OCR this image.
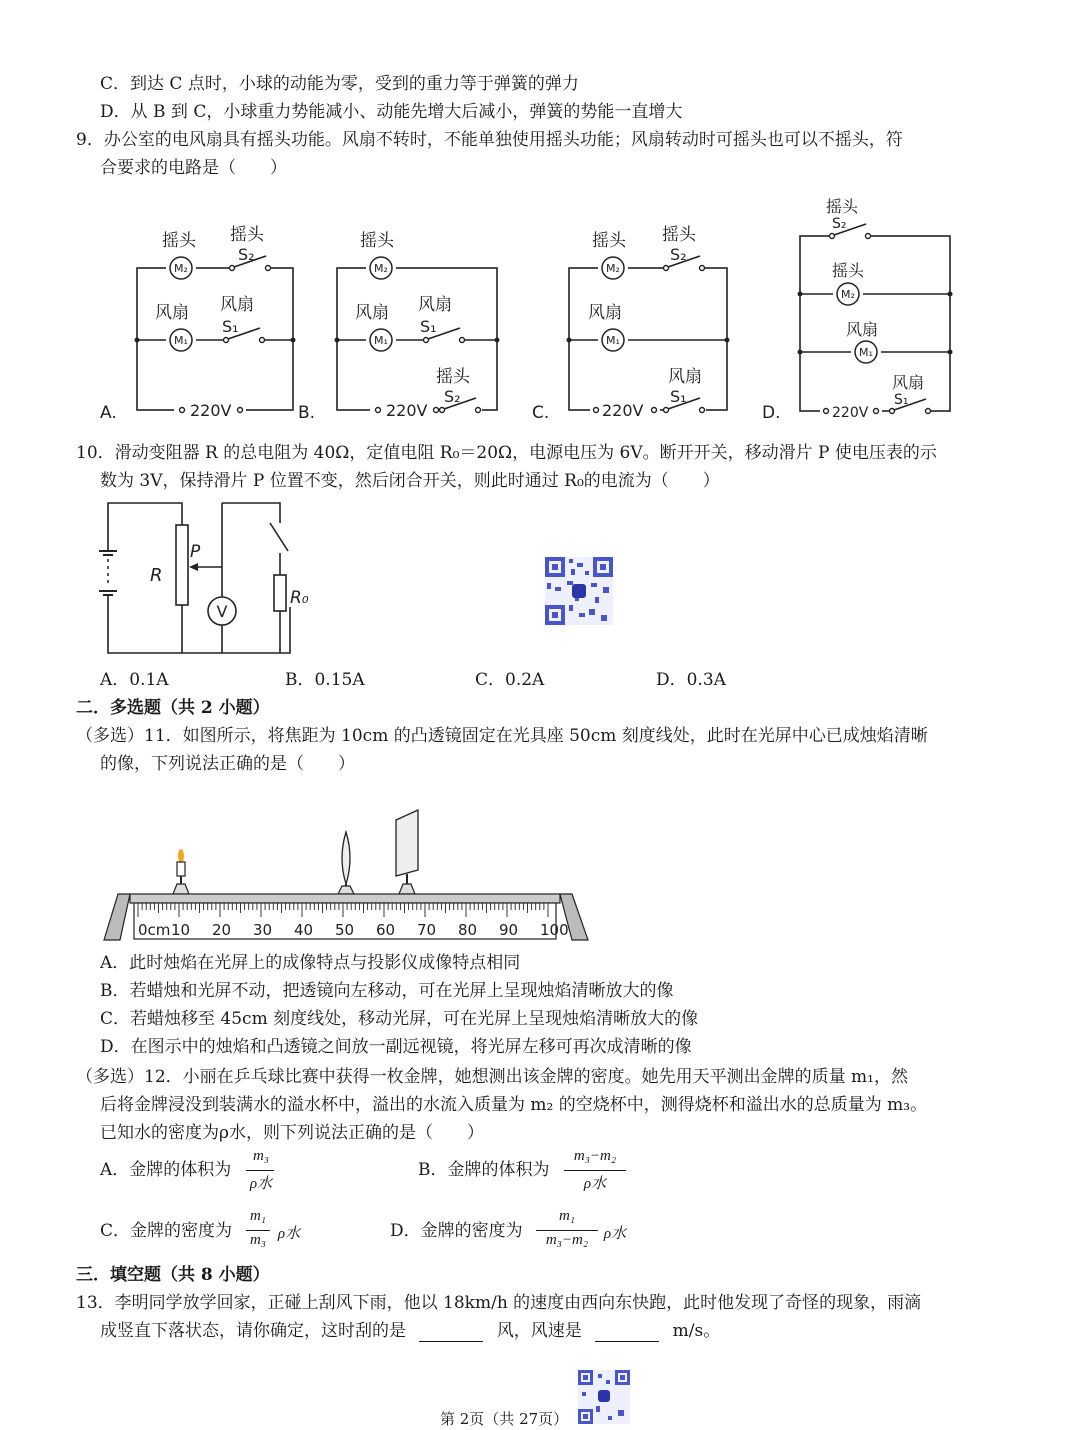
C．到达 C 点时，小球的动能为零，受到的重力等于弹簧的弹力
D．从 B 到 C，小球重力势能减小、动能先增大后减小，弹簧的势能一直增大
9．办公室的电风扇具有摇头功能。风扇不转时，不能单独使用摇头功能；风扇转动时可摇头也可以不摇头，符
合要求的电路是（　　）
M₂
M₁
M₂
M₁
M₂
M₁
M₂
M₁
摇头 摇头
风扇 风扇
摇头
风扇 风扇
摇头
摇头 摇头
风扇
风扇
摇头
摇头
风扇
风扇
S₂
S₁	S₁
S₂
S₂
S₁
S₂
S₁
220V	220V	220V	220V
A.	B.	C.	D.
10．滑动变阻器 R 的总电阻为 40Ω，定值电阻 R₀＝20Ω，电源电压为 6V。断开开关，移动滑片 P 使电压表的示
数为 3V，保持滑片 P 位置不变，然后闭合开关，则此时通过 R₀的电流为（　　）
R
P
R₀
V
A．0.1A	B．0.15A	C．0.2A	D．0.3A
二．多选题（共 2 小题）
（多选）11．如图所示，将焦距为 10cm 的凸透镜固定在光具座 50cm 刻度线处，此时在光屏中心已成烛焰清晰
的像，下列说法正确的是（　　）
0cm 10 20 30 40 50 60 70 80 90 100
A．此时烛焰在光屏上的成像特点与投影仪成像特点相同
B．若蜡烛和光屏不动，把透镜向左移动，可在光屏上呈现烛焰清晰放大的像
C．若蜡烛移至 45cm 刻度线处，移动光屏，可在光屏上呈现烛焰清晰放大的像
D．在图示中的烛焰和凸透镜之间放一副远视镜，将光屏左移可再次成清晰的像
（多选）12．小丽在乒乓球比赛中获得一枚金牌，她想测出该金牌的密度。她先用天平测出金牌的质量 m₁，然
后将金牌浸没到装满水的溢水杯中，溢出的水流入质量为 m₂ 的空烧杯中，测得烧杯和溢出水的总质量为 m₃。
已知水的密度为ρ水，则下列说法正确的是（　　）
A．金牌的体积为
m₃
ρ水
B．金牌的体积为
m₃−m₂
ρ水
C．金牌的密度为
m₁
m₃ ρ水	D．金牌的密度为
m₁
m₃−m₂	ρ水
三．填空题（共 8 小题）
13．李明同学放学回家，正碰上刮风下雨，他以 18km/h 的速度由西向东快跑，此时他发现了奇怪的现象，雨滴
成竖直下落状态，请你确定，这时刮的是	风，风速是	m/s。
第 2页（共 27页）
